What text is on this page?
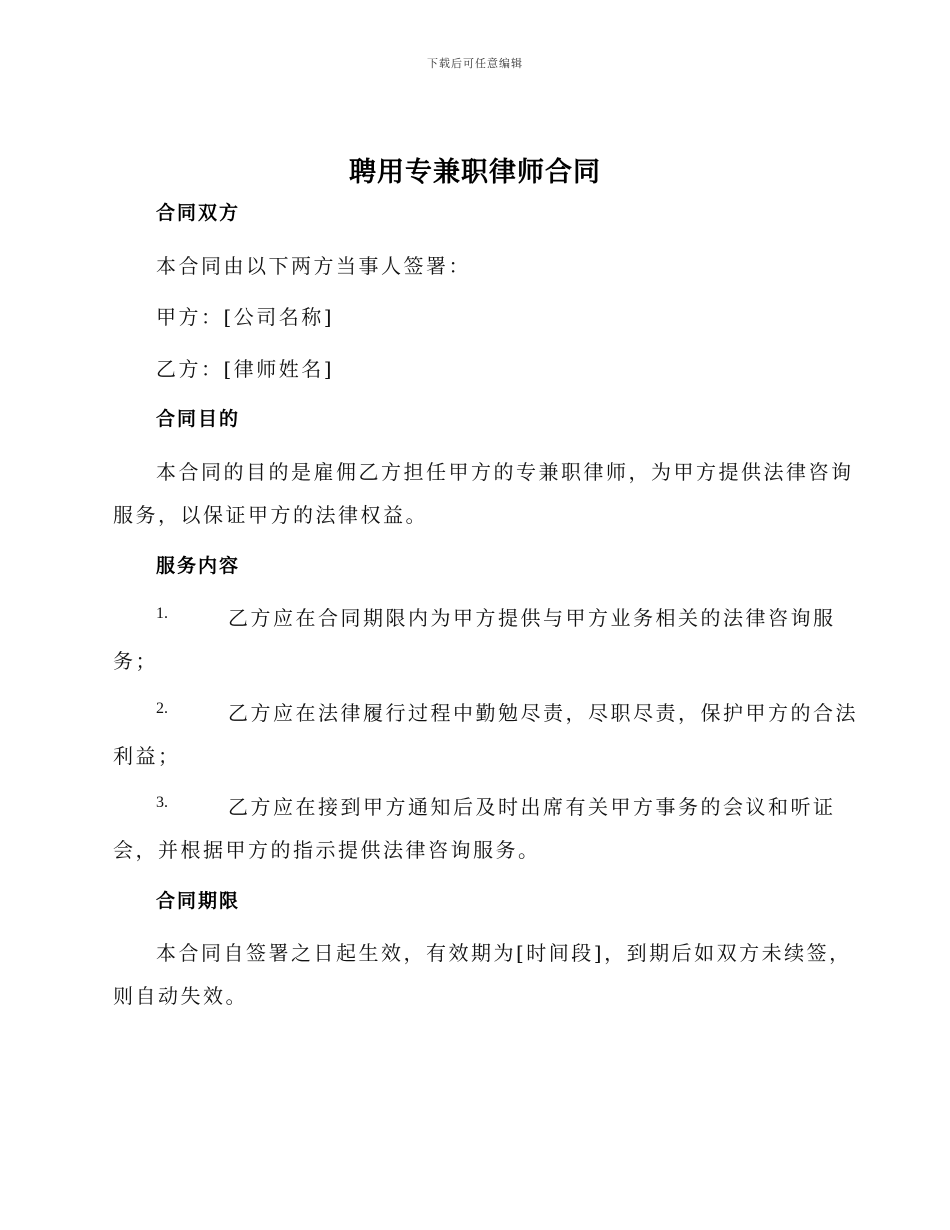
下载后可任意编辑
聘用专兼职律师合同
合同双方
本合同由以下两方当事人签署：
甲方：[公司名称]
乙方：[律师姓名]
合同目的
本合同的目的是雇佣乙方担任甲方的专兼职律师，为甲方提供法律咨询
服务，以保证甲方的法律权益。
服务内容
1.	乙方应在合同期限内为甲方提供与甲方业务相关的法律咨询服
务；
2.	乙方应在法律履行过程中勤勉尽责，尽职尽责，保护甲方的合法
利益；
3.	乙方应在接到甲方通知后及时出席有关甲方事务的会议和听证
会，并根据甲方的指示提供法律咨询服务。
合同期限
本合同自签署之日起生效，有效期为[时间段]，到期后如双方未续签，
则自动失效。
